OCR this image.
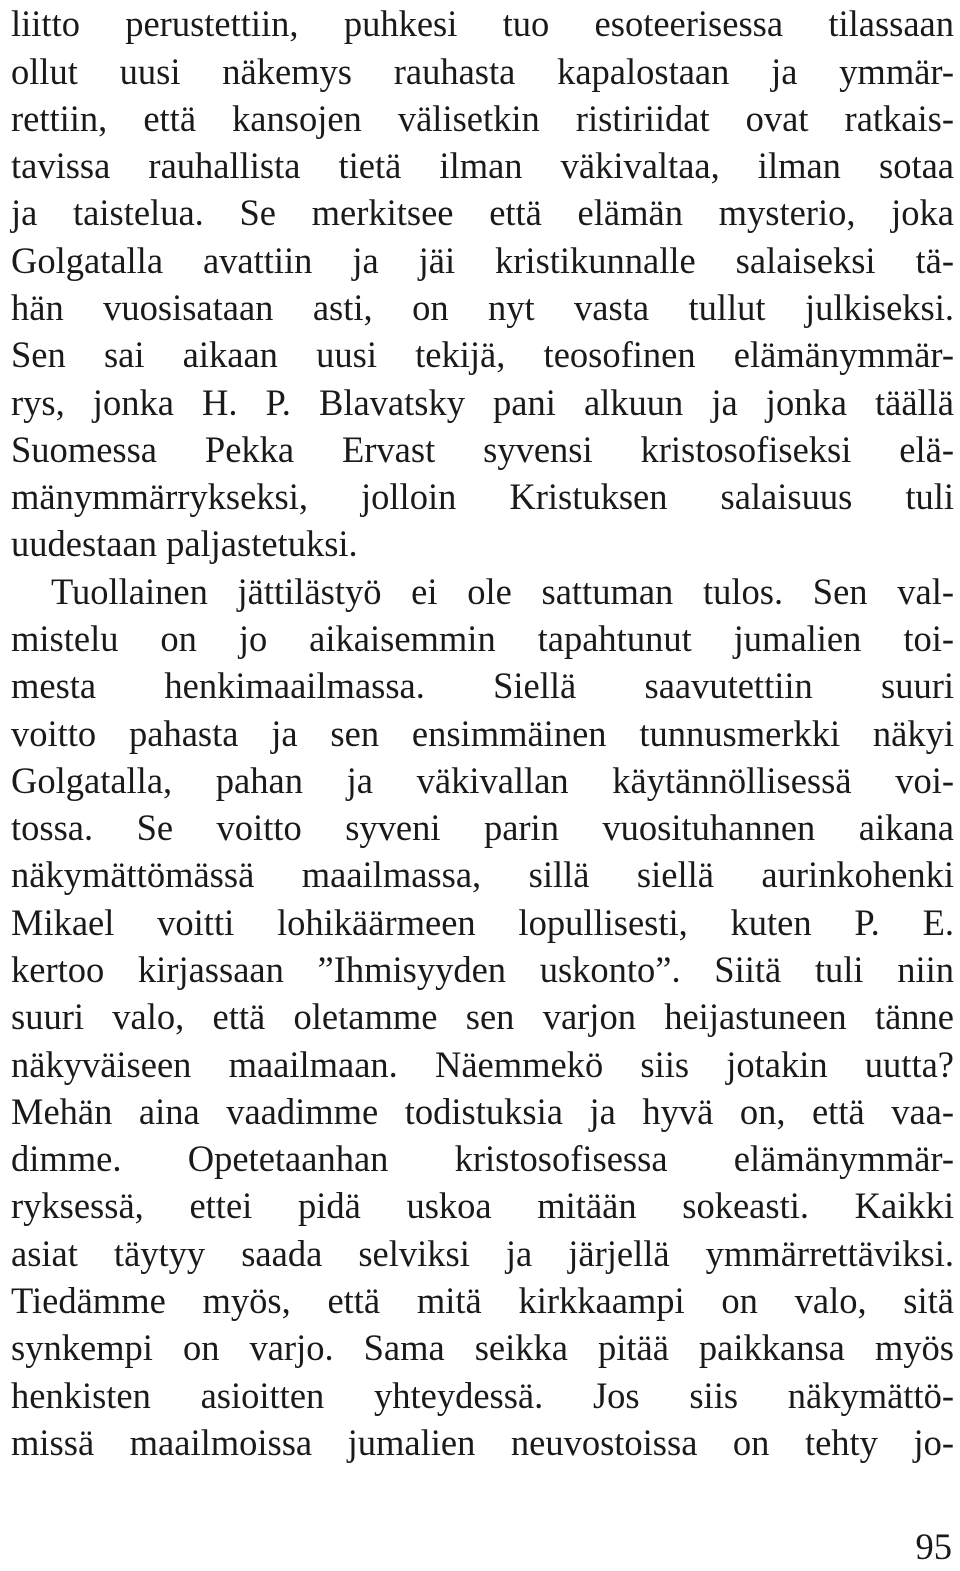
liitto perustettiin, puhkesi tuo esoteerisessa tilassaan
ollut uusi näkemys rauhasta kapalostaan ja ymmär-
rettiin, että kansojen välisetkin ristiriidat ovat ratkais-
tavissa rauhallista tietä ilman väkivaltaa, ilman sotaa
ja taistelua. Se merkitsee että elämän mysterio, joka
Golgatalla avattiin ja jäi kristikunnalle salaiseksi tä-
hän vuosisataan asti, on nyt vasta tullut julkiseksi.
Sen sai aikaan uusi tekijä, teosofinen elämänymmär-
rys, jonka H. P. Blavatsky pani alkuun ja jonka täällä
Suomessa Pekka Ervast syvensi kristosofiseksi elä-
mänymmärrykseksi, jolloin Kristuksen salaisuus tuli
uudestaan paljastetuksi.
Tuollainen jättilästyö ei ole sattuman tulos. Sen val-
mistelu on jo aikaisemmin tapahtunut jumalien toi-
mesta henkimaailmassa. Siellä saavutettiin suuri
voitto pahasta ja sen ensimmäinen tunnusmerkki näkyi
Golgatalla, pahan ja väkivallan käytännöllisessä voi-
tossa. Se voitto syveni parin vuosituhannen aikana
näkymättömässä maailmassa, sillä siellä aurinkohenki
Mikael voitti lohikäärmeen lopullisesti, kuten P. E.
kertoo kirjassaan ”Ihmisyyden uskonto”. Siitä tuli niin
suuri valo, että oletamme sen varjon heijastuneen tänne
näkyväiseen maailmaan. Näemmekö siis jotakin uutta?
Mehän aina vaadimme todistuksia ja hyvä on, että vaa-
dimme. Opetetaanhan kristosofisessa elämänymmär-
ryksessä, ettei pidä uskoa mitään sokeasti. Kaikki
asiat täytyy saada selviksi ja järjellä ymmärrettäviksi.
Tiedämme myös, että mitä kirkkaampi on valo, sitä
synkempi on varjo. Sama seikka pitää paikkansa myös
henkisten asioitten yhteydessä. Jos siis näkymättö-
missä maailmoissa jumalien neuvostoissa on tehty jo-
95
